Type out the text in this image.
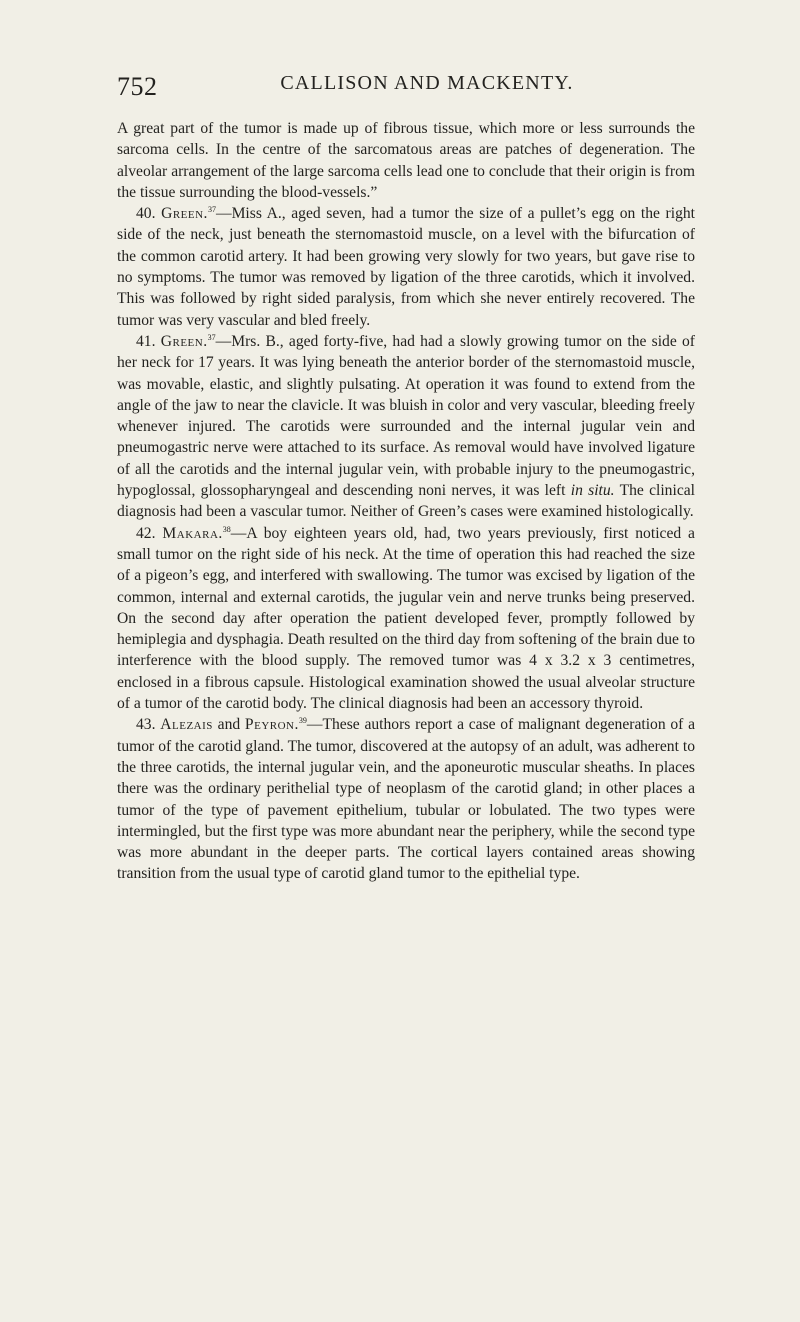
752	CALLISON AND MACKENTY.

A great part of the tumor is made up of fibrous tissue, which more or less surrounds the sarcoma cells. In the centre of the sarcomatous areas are patches of degeneration. The alveolar arrangement of the large sarcoma cells lead one to conclude that their origin is from the tissue surrounding the blood-vessels.”

40. Green.$^{37}$—Miss A., aged seven, had a tumor the size of a pullet’s egg on the right side of the neck, just beneath the sternomastoid muscle, on a level with the bifurcation of the common carotid artery. It had been growing very slowly for two years, but gave rise to no symptoms. The tumor was removed by ligation of the three carotids, which it involved. This was followed by right sided paralysis, from which she never entirely recovered. The tumor was very vascular and bled freely.

41. Green.$^{37}$—Mrs. B., aged forty-five, had had a slowly growing tumor on the side of her neck for 17 years. It was lying beneath the anterior border of the sternomastoid muscle, was movable, elastic, and slightly pulsating. At operation it was found to extend from the angle of the jaw to near the clavicle. It was bluish in color and very vascular, bleeding freely whenever injured. The carotids were surrounded and the internal jugular vein and pneumogastric nerve were attached to its surface. As removal would have involved ligature of all the carotids and the internal jugular vein, with probable injury to the pneumogastric, hypoglossal, glossopharyngeal and descending noni nerves, it was left in situ. The clinical diagnosis had been a vascular tumor. Neither of Green’s cases were examined histologically.

42. Makara.$^{38}$—A boy eighteen years old, had, two years previously, first noticed a small tumor on the right side of his neck. At the time of operation this had reached the size of a pigeon’s egg, and interfered with swallowing. The tumor was excised by ligation of the common, internal and external carotids, the jugular vein and nerve trunks being preserved. On the second day after operation the patient developed fever, promptly followed by hemiplegia and dysphagia. Death resulted on the third day from softening of the brain due to interference with the blood supply. The removed tumor was 4 x 3.2 x 3 centimetres, enclosed in a fibrous capsule. Histological examination showed the usual alveolar structure of a tumor of the carotid body. The clinical diagnosis had been an accessory thyroid.

43. Alezais and Peyron.$^{39}$—These authors report a case of malignant degeneration of a tumor of the carotid gland. The tumor, discovered at the autopsy of an adult, was adherent to the three carotids, the internal jugular vein, and the aponeurotic muscular sheaths. In places there was the ordinary perithelial type of neoplasm of the carotid gland; in other places a tumor of the type of pavement epithelium, tubular or lobulated. The two types were intermingled, but the first type was more abundant near the periphery, while the second type was more abundant in the deeper parts. The cortical layers contained areas showing transition from the usual type of carotid gland tumor to the epithelial type.
